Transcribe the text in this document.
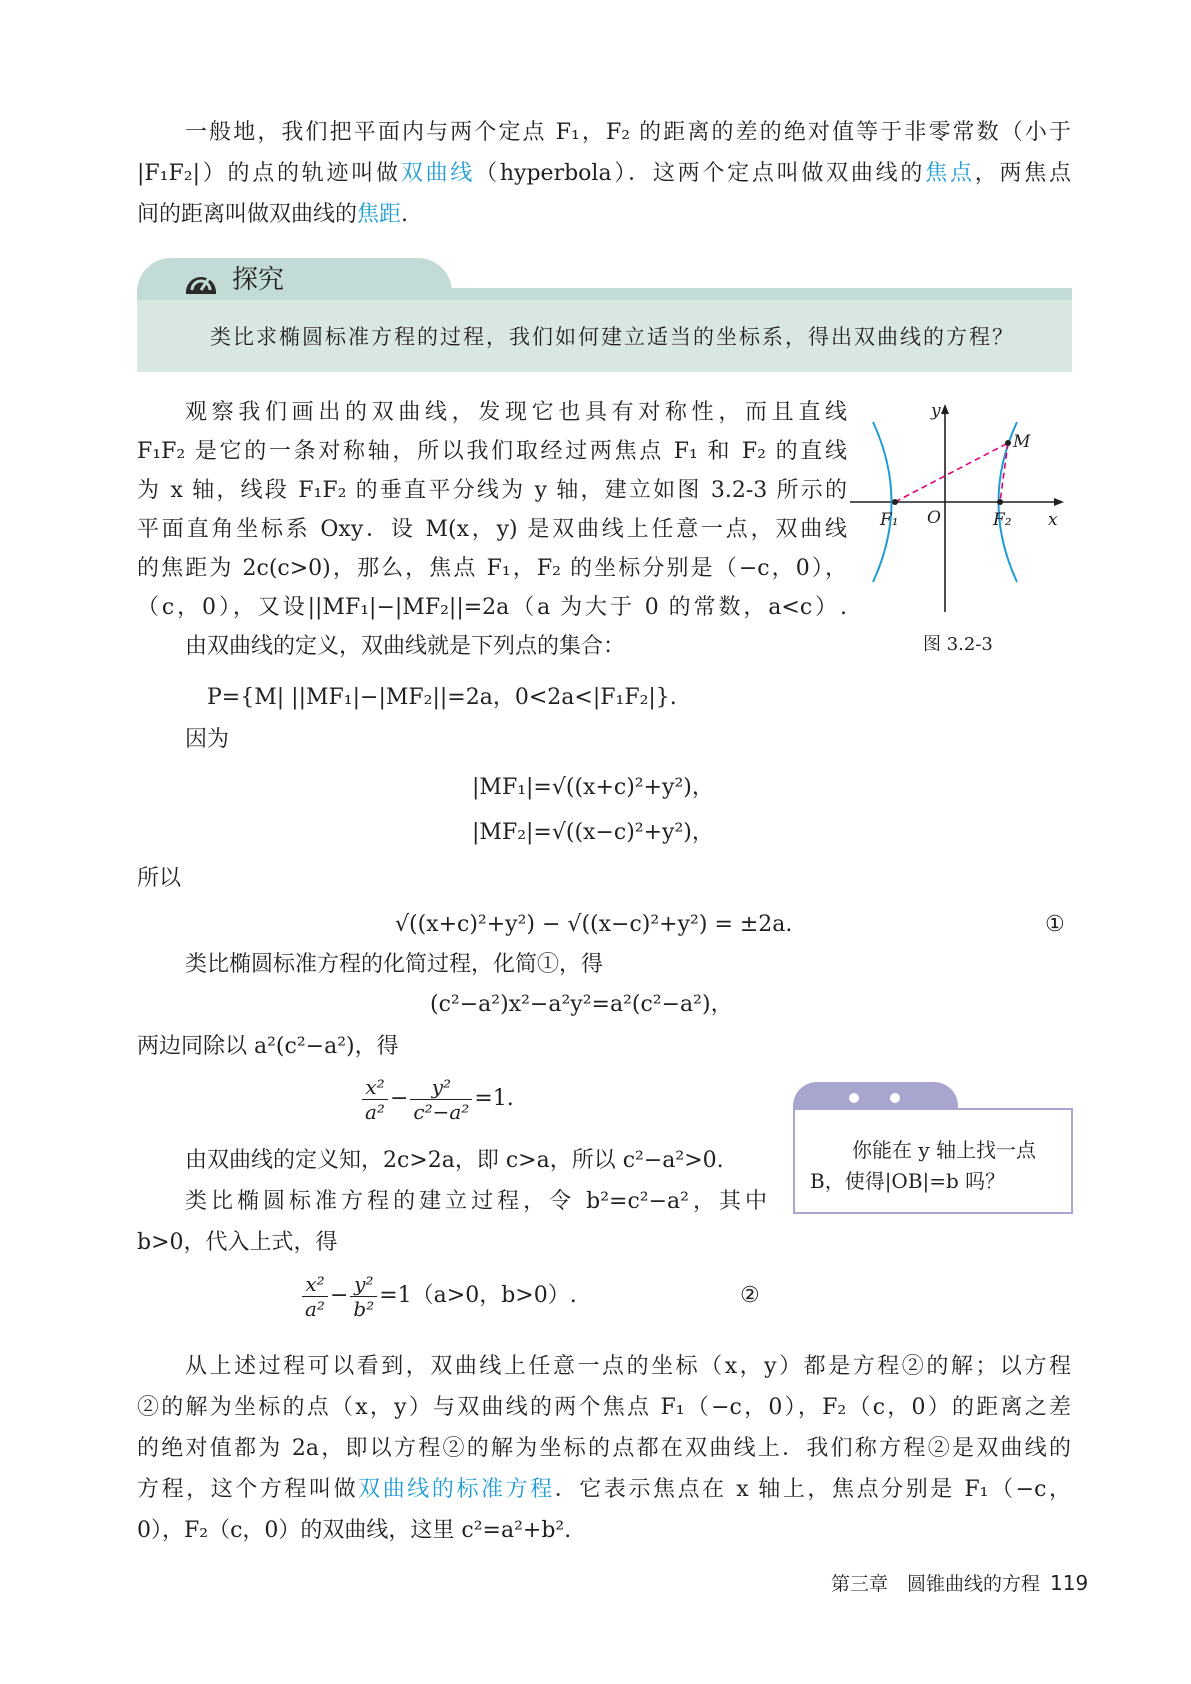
一般地，我们把平面内与两个定点 F₁，F₂ 的距离的差的绝对值等于非零常数（小于
|F₁F₂|）的点的轨迹叫做双曲线（hyperbola）．这两个定点叫做双曲线的焦点，两焦点
间的距离叫做双曲线的焦距.
探究
类比求椭圆标准方程的过程，我们如何建立适当的坐标系，得出双曲线的方程？
观察我们画出的双曲线，发现它也具有对称性，而且直线
F₁F₂ 是它的一条对称轴，所以我们取经过两焦点 F₁ 和 F₂ 的直线
为 x 轴，线段 F₁F₂ 的垂直平分线为 y 轴，建立如图 3.2-3 所示的
平面直角坐标系 Oxy．设 M(x，y) 是双曲线上任意一点，双曲线
的焦距为 2c(c>0)，那么，焦点 F₁，F₂ 的坐标分别是（−c，0），
（c，0），又设||MF₁|−|MF₂||=2a（a 为大于 0 的常数，a<c）.
由双曲线的定义，双曲线就是下列点的集合：
P={M| ||MF₁|−|MF₂||=2a，0<2a<|F₁F₂|}.
因为
|MF₁|=√((x+c)²+y²)，
|MF₂|=√((x−c)²+y²)，
所以
√((x+c)²+y²) − √((x−c)²+y²) = ±2a.	①
类比椭圆标准方程的化简过程，化简①，得
(c²−a²)x²−a²y²=a²(c²−a²)，
两边同除以 a²(c²−a²)，得
$\frac{\text{x²}}{\text{a²}} - \frac{\text{y²}}{\text{c²−a²}} =1$.
由双曲线的定义知，2c>2a，即 c>a，所以 c²−a²>0.
类比椭圆标准方程的建立过程，令 b²=c²−a²，其中
b>0，代入上式，得
$\frac{\text{x²}}{\text{a²}} - \frac{\text{y²}}{\text{b²}} =1(a>0$，b>0）.	②
从上述过程可以看到，双曲线上任意一点的坐标（x，y）都是方程②的解；以方程
②的解为坐标的点（x，y）与双曲线的两个焦点 F₁（−c，0），F₂（c，0）的距离之差
的绝对值都为 2a，即以方程②的解为坐标的点都在双曲线上．我们称方程②是双曲线的
方程，这个方程叫做双曲线的标准方程．它表示焦点在 x 轴上，焦点分别是 F₁（−c，
0），F₂（c，0）的双曲线，这里 c²=a²+b².
y
x
O
M
F₁	F₂
图 3.2-3
你能在 y 轴上找一点
B，使得|OB|=b 吗？
第三章　圆锥曲线的方程 119
